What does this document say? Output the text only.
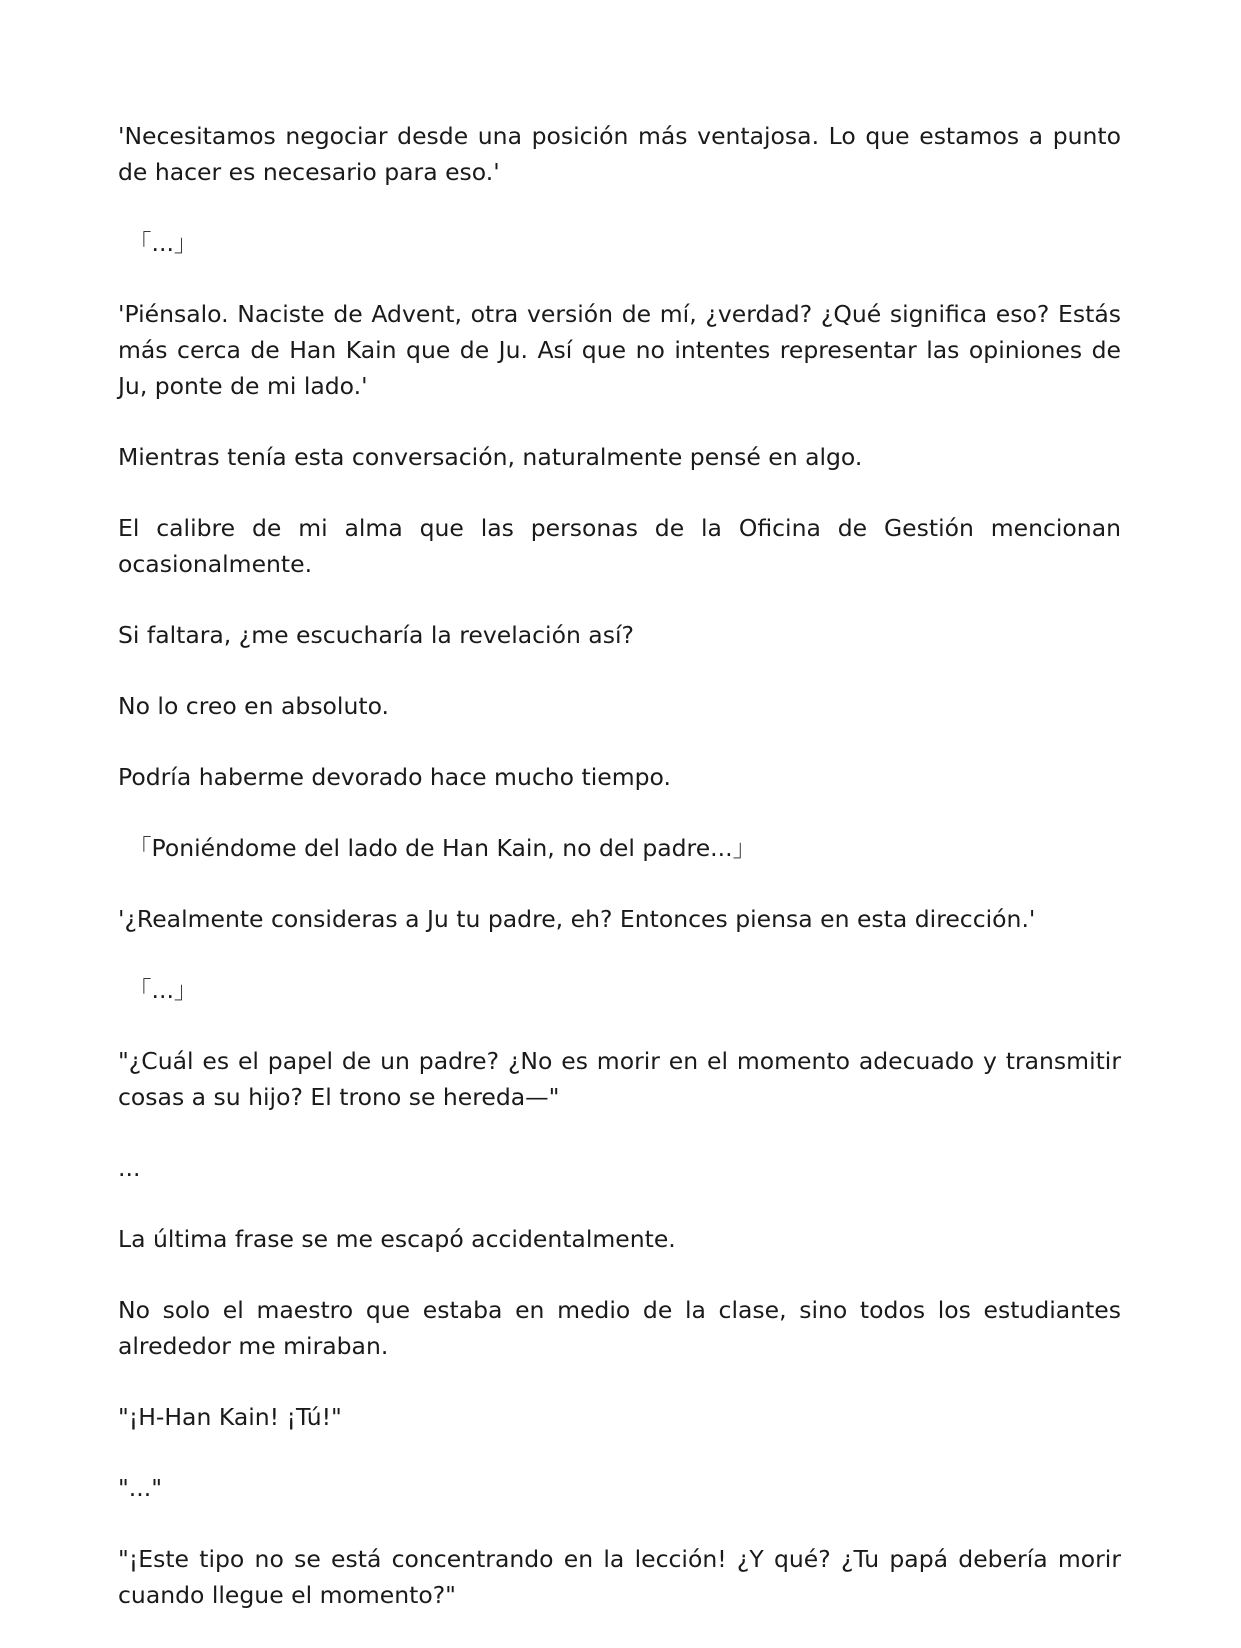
'Necesitamos negociar desde una posición más ventajosa. Lo que estamos a punto de hacer es necesario para eso.'

「...」

'Piénsalo. Naciste de Advent, otra versión de mí, ¿verdad? ¿Qué significa eso? Estás más cerca de Han Kain que de Ju. Así que no intentes representar las opiniones de Ju, ponte de mi lado.'

Mientras tenía esta conversación, naturalmente pensé en algo.

El calibre de mi alma que las personas de la Oficina de Gestión mencionan ocasionalmente.

Si faltara, ¿me escucharía la revelación así?

No lo creo en absoluto.

Podría haberme devorado hace mucho tiempo.

「Poniéndome del lado de Han Kain, no del padre...」

'¿Realmente consideras a Ju tu padre, eh? Entonces piensa en esta dirección.'

「...」

"¿Cuál es el papel de un padre? ¿No es morir en el momento adecuado y transmitir cosas a su hijo? El trono se hereda—"

...

La última frase se me escapó accidentalmente.

No solo el maestro que estaba en medio de la clase, sino todos los estudiantes alrededor me miraban.

"¡H-Han Kain! ¡Tú!"

"..."

"¡Este tipo no se está concentrando en la lección! ¿Y qué? ¿Tu papá debería morir cuando llegue el momento?"
